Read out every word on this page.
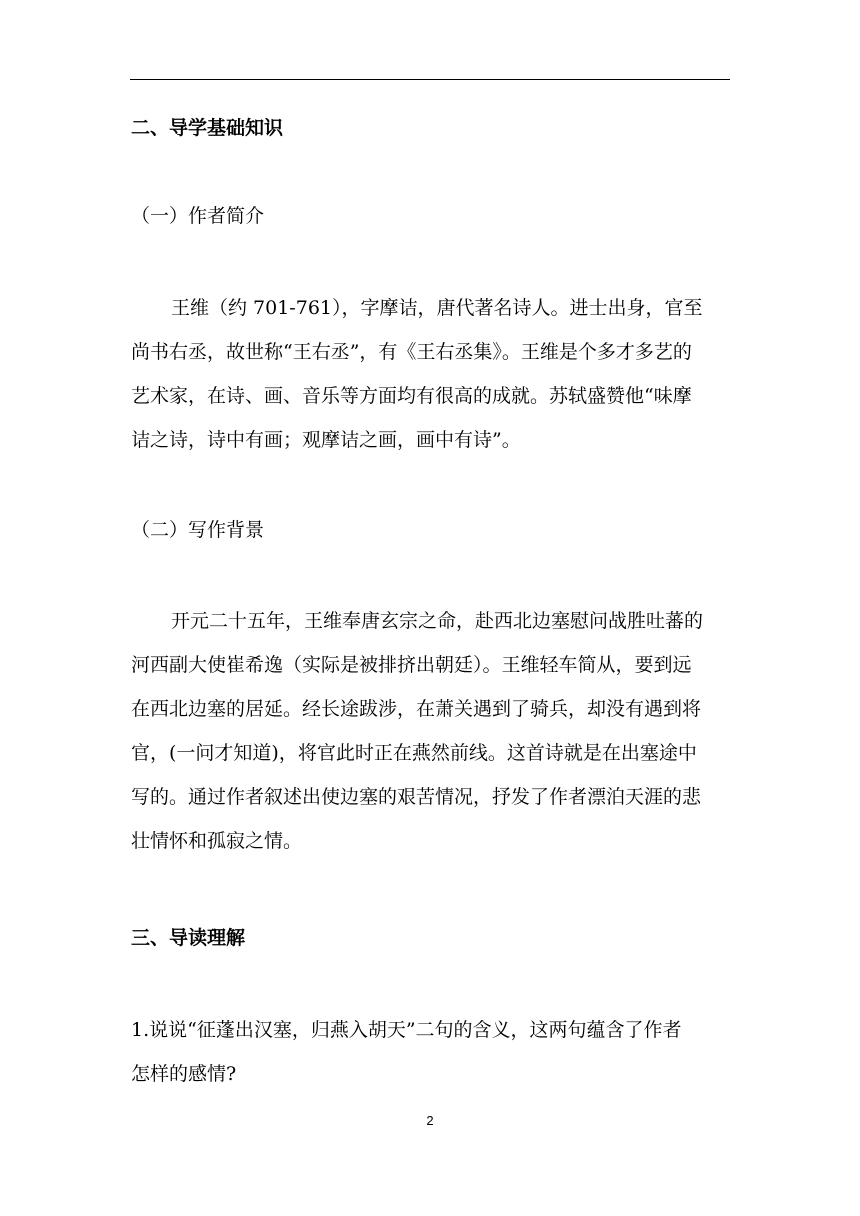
二、导学基础知识
（一）作者简介
王维（约 701-761），字摩诘，唐代著名诗人。进士出身，官至
尚书右丞，故世称“王右丞”，有《王右丞集》。王维是个多才多艺的
艺术家，在诗、画、音乐等方面均有很高的成就。苏轼盛赞他“味摩
诘之诗，诗中有画；观摩诘之画，画中有诗”。
（二）写作背景
开元二十五年，王维奉唐玄宗之命，赴西北边塞慰问战胜吐蕃的
河西副大使崔希逸（实际是被排挤出朝廷）。王维轻车简从，要到远
在西北边塞的居延。经长途跋涉，在萧关遇到了骑兵，却没有遇到将
官，(一问才知道)，将官此时正在燕然前线。这首诗就是在出塞途中
写的。通过作者叙述出使边塞的艰苦情况，抒发了作者漂泊天涯的悲
壮情怀和孤寂之情。
三、导读理解
1.说说“征蓬出汉塞，归燕入胡天”二句的含义，这两句蕴含了作者
怎样的感情?
2
